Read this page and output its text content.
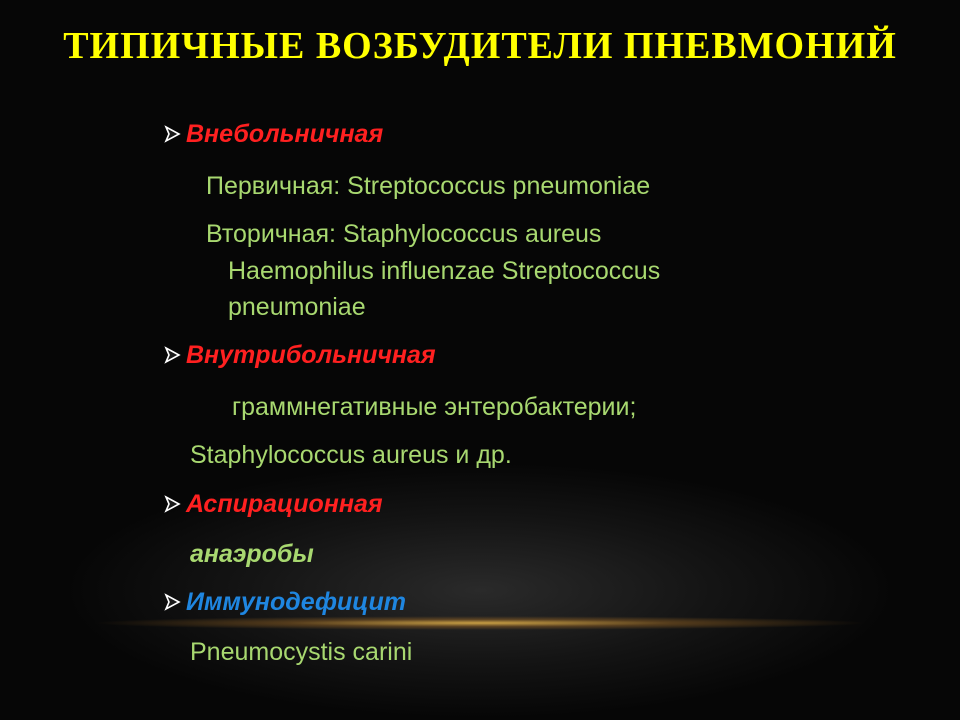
ТИПИЧНЫЕ ВОЗБУДИТЕЛИ ПНЕВМОНИЙ
Внебольничная
Первичная: Streptococcus pneumoniae
Вторичная: Staphylococcus aureus
Haemophilus influenzae Streptococcus
pneumoniae
Внутрибольничная
граммнегативные энтеробактерии;
Staphylococcus aureus и др.
Аспирационная
анаэробы
Иммунодефицит
Pneumocystis carini
